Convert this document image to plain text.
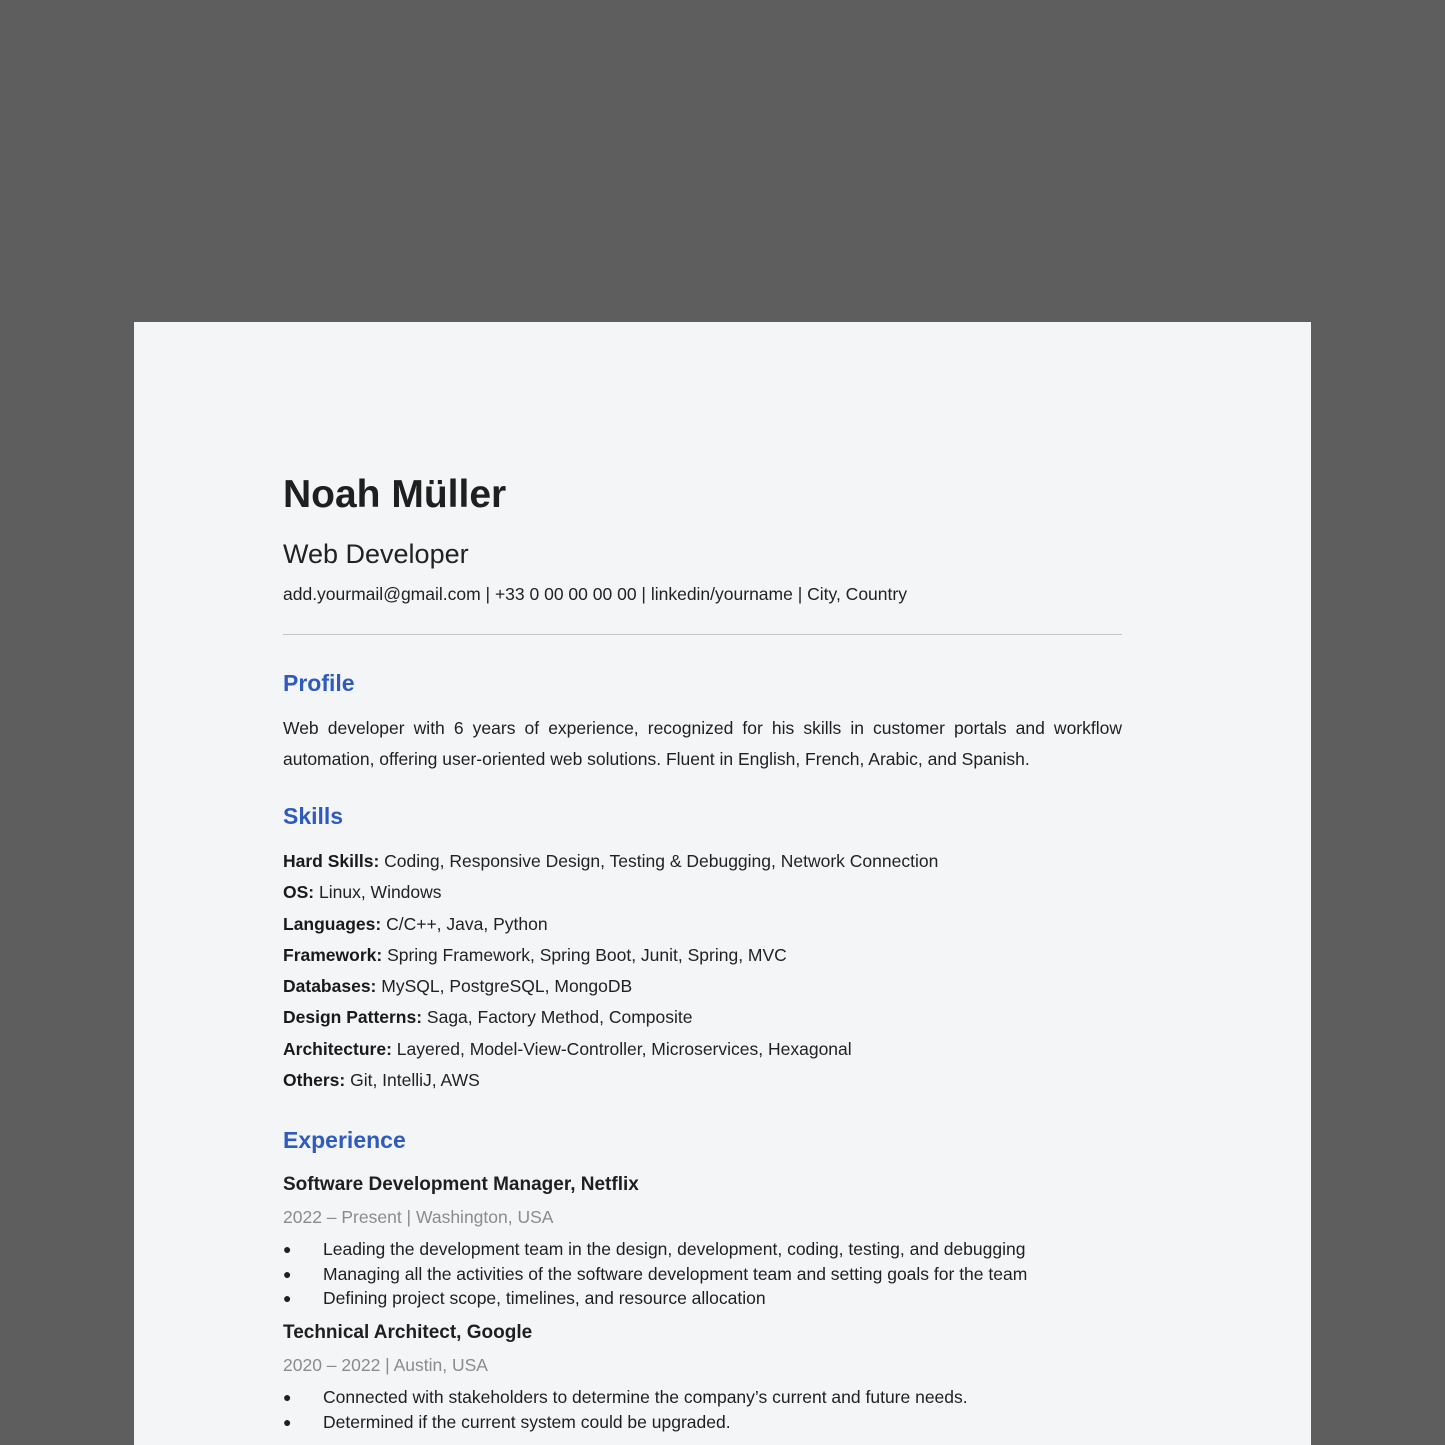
Noah Müller
Web Developer
add.yourmail@gmail.com | +33 0 00 00 00 00 | linkedin/yourname | City, Country
Profile
Web developer with 6 years of experience, recognized for his skills in customer portals and workflow automation, offering user-oriented web solutions. Fluent in English, French, Arabic, and Spanish.
Skills
Hard Skills: Coding, Responsive Design, Testing & Debugging, Network Connection
OS: Linux, Windows
Languages: C/C++, Java, Python
Framework: Spring Framework, Spring Boot, Junit, Spring, MVC
Databases: MySQL, PostgreSQL, MongoDB
Design Patterns: Saga, Factory Method, Composite
Architecture: Layered, Model-View-Controller, Microservices, Hexagonal
Others: Git, IntelliJ, AWS
Experience
Software Development Manager, Netflix
2022 – Present | Washington, USA
● Leading the development team in the design, development, coding, testing, and debugging
● Managing all the activities of the software development team and setting goals for the team
● Defining project scope, timelines, and resource allocation
Technical Architect, Google
2020 – 2022 | Austin, USA
● Connected with stakeholders to determine the company’s current and future needs.
● Determined if the current system could be upgraded.
